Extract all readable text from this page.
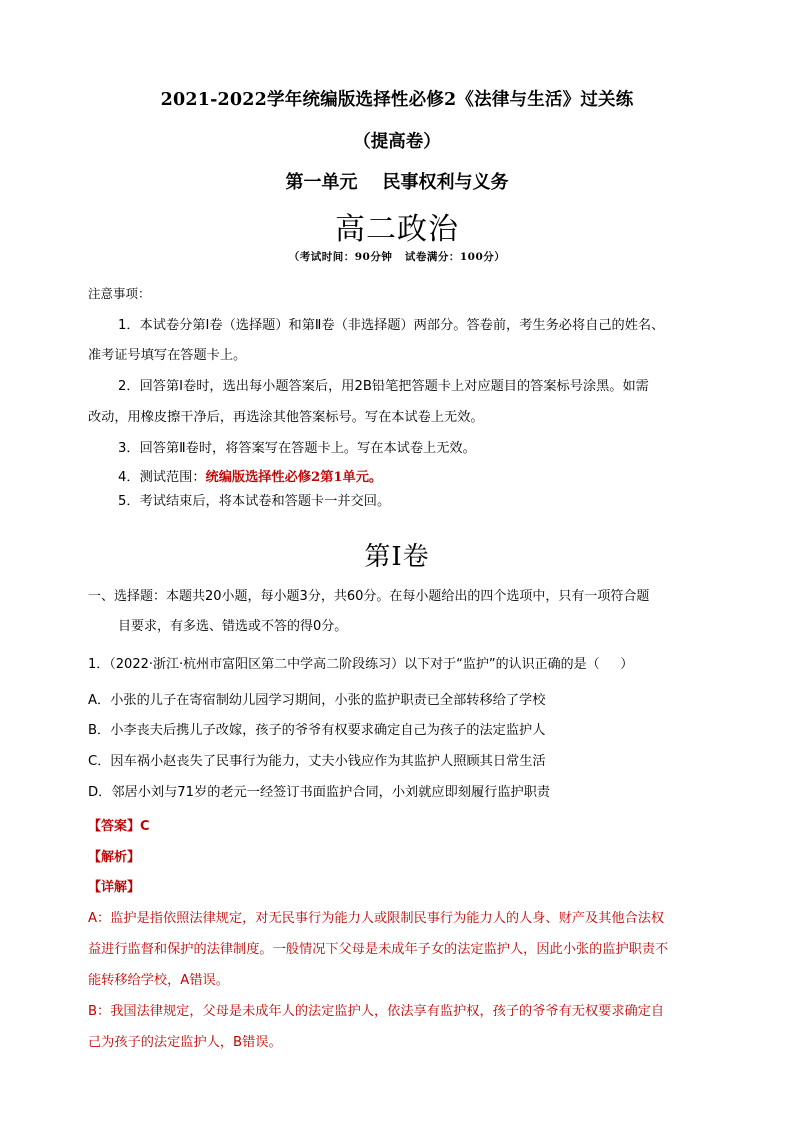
2021-2022学年统编版选择性必修2《法律与生活》过关练
（提高卷）
第一单元    民事权利与义务
高二政治
（考试时间：90分钟   试卷满分：100分）
注意事项：
1．本试卷分第Ⅰ卷（选择题）和第Ⅱ卷（非选择题）两部分。答卷前，考生务必将自己的姓名、
准考证号填写在答题卡上。
2．回答第Ⅰ卷时，选出每小题答案后，用2B铅笔把答题卡上对应题目的答案标号涂黑。如需
改动，用橡皮擦干净后，再选涂其他答案标号。写在本试卷上无效。
3．回答第Ⅱ卷时，将答案写在答题卡上。写在本试卷上无效。
4．测试范围：统编版选择性必修2第1单元。
5．考试结束后，将本试卷和答题卡一并交回。
第Ⅰ卷
一、选择题：本题共20小题，每小题3分，共60分。在每小题给出的四个选项中，只有一项符合题
目要求，有多选、错选或不答的得0分。
1．（2022·浙江·杭州市富阳区第二中学高二阶段练习）以下对于“监护”的认识正确的是（     ）
A．小张的儿子在寄宿制幼儿园学习期间，小张的监护职责已全部转移给了学校
B．小李丧夫后携儿子改嫁，孩子的爷爷有权要求确定自己为孩子的法定监护人
C．因车祸小赵丧失了民事行为能力，丈夫小钱应作为其监护人照顾其日常生活
D．邻居小刘与71岁的老元一经签订书面监护合同，小刘就应即刻履行监护职责
【答案】C
【解析】
【详解】
A：监护是指依照法律规定，对无民事行为能力人或限制民事行为能力人的人身、财产及其他合法权
益进行监督和保护的法律制度。一般情况下父母是未成年子女的法定监护人，因此小张的监护职责不
能转移给学校，A错误。
B：我国法律规定，父母是未成年人的法定监护人，依法享有监护权，孩子的爷爷有无权要求确定自
己为孩子的法定监护人，B错误。
